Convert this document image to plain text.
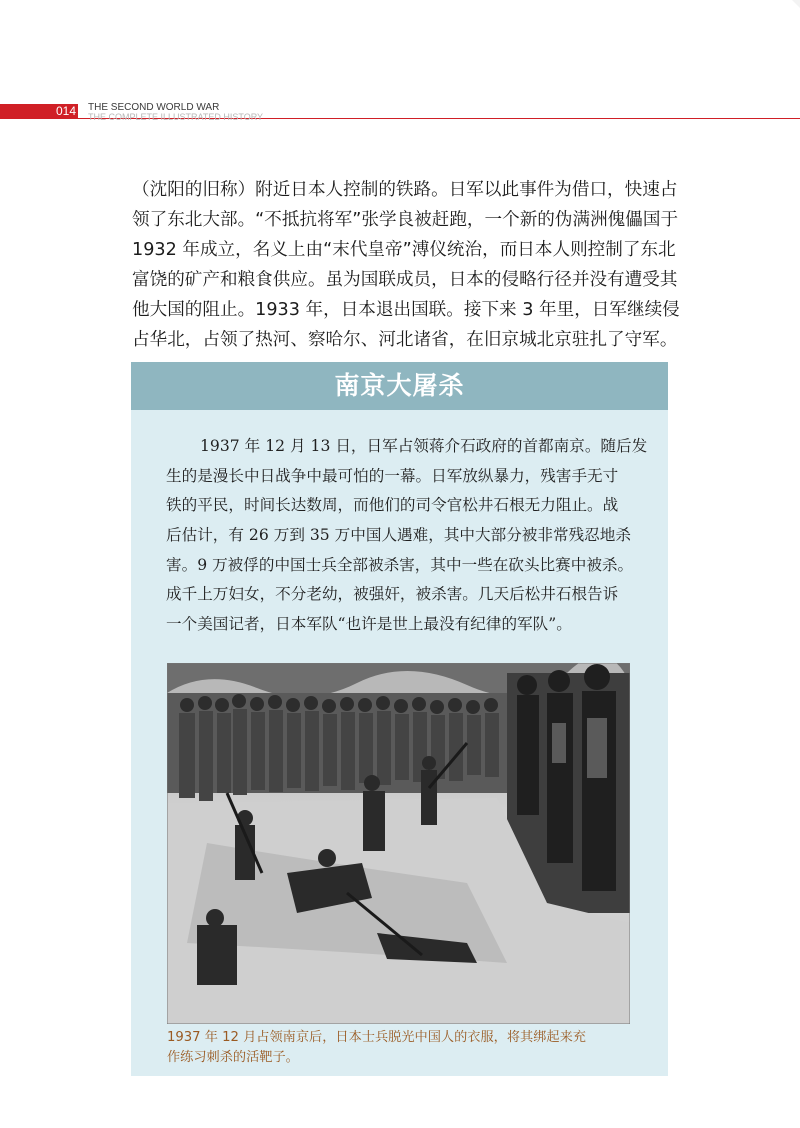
014 THE SECOND WORLD WAR
THE COMPLETE ILLUSTRATED HISTORY
（沈阳的旧称）附近日本人控制的铁路。日军以此事件为借口，快速占
领了东北大部。“不抵抗将军”张学良被赶跑，一个新的伪满洲傀儡国于
1932 年成立，名义上由“末代皇帝”溥仪统治，而日本人则控制了东北
富饶的矿产和粮食供应。虽为国联成员，日本的侵略行径并没有遭受其
他大国的阻止。1933 年，日本退出国联。接下来 3 年里，日军继续侵
占华北，占领了热河、察哈尔、河北诸省，在旧京城北京驻扎了守军。
南京大屠杀
1937 年 12 月 13 日，日军占领蒋介石政府的首都南京。随后发
生的是漫长中日战争中最可怕的一幕。日军放纵暴力，残害手无寸
铁的平民，时间长达数周，而他们的司令官松井石根无力阻止。战
后估计，有 26 万到 35 万中国人遇难，其中大部分被非常残忍地杀
害。9 万被俘的中国士兵全部被杀害，其中一些在砍头比赛中被杀。
成千上万妇女，不分老幼，被强奸，被杀害。几天后松井石根告诉
一个美国记者，日本军队“也许是世上最没有纪律的军队”。
1937 年 12 月占领南京后，日本士兵脱光中国人的衣服，将其绑起来充
作练习刺杀的活靶子。
